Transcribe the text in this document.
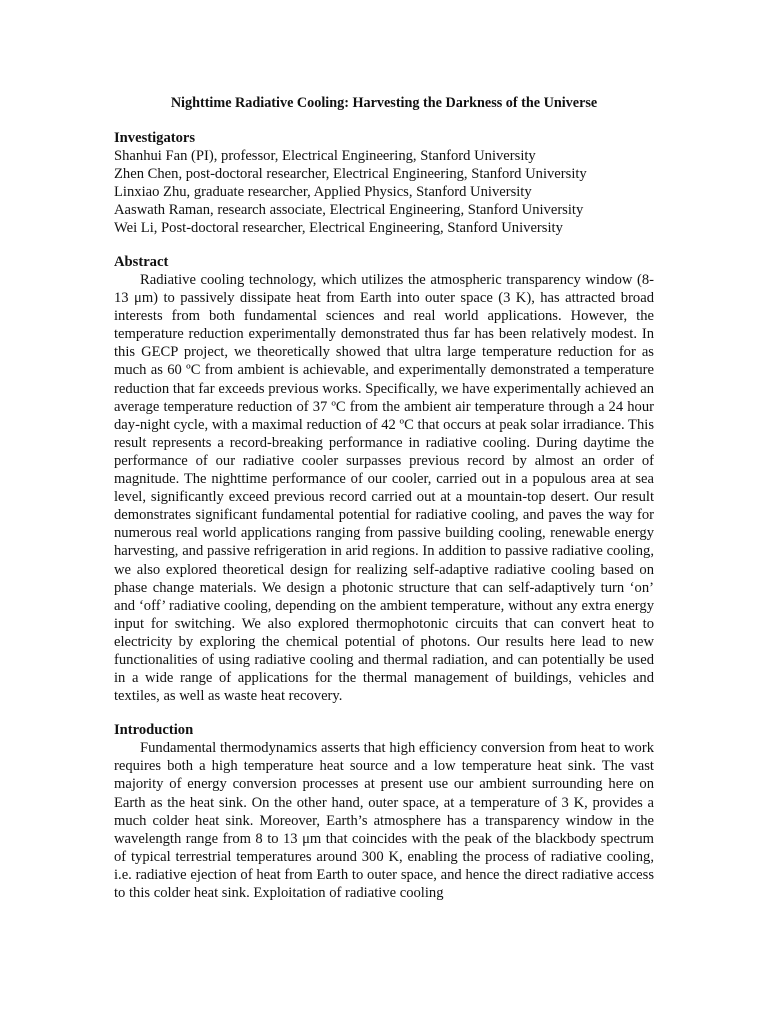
Nighttime Radiative Cooling: Harvesting the Darkness of the Universe

Investigators

Shanhui Fan (PI), professor, Electrical Engineering, Stanford University

Zhen Chen, post-doctoral researcher, Electrical Engineering, Stanford University

Linxiao Zhu, graduate researcher, Applied Physics, Stanford University

Aaswath Raman, research associate, Electrical Engineering, Stanford University

Wei Li, Post-doctoral researcher, Electrical Engineering, Stanford University

Abstract

Radiative cooling technology, which utilizes the atmospheric transparency window (8-13 μm) to passively dissipate heat from Earth into outer space (3 K), has attracted broad interests from both fundamental sciences and real world applications. However, the temperature reduction experimentally demonstrated thus far has been relatively modest. In this GECP project, we theoretically showed that ultra large temperature reduction for as much as 60 ºC from ambient is achievable, and experimentally demonstrated a temperature reduction that far exceeds previous works. Specifically, we have experimentally achieved an average temperature reduction of 37 ºC from the ambient air temperature through a 24 hour day-night cycle, with a maximal reduction of 42 ºC that occurs at peak solar irradiance. This result represents a record-breaking performance in radiative cooling. During daytime the performance of our radiative cooler surpasses previous record by almost an order of magnitude. The nighttime performance of our cooler, carried out in a populous area at sea level, significantly exceed previous record carried out at a mountain-top desert. Our result demonstrates significant fundamental potential for radiative cooling, and paves the way for numerous real world applications ranging from passive building cooling, renewable energy harvesting, and passive refrigeration in arid regions. In addition to passive radiative cooling, we also explored theoretical design for realizing self-adaptive radiative cooling based on phase change materials. We design a photonic structure that can self-adaptively turn ‘on’ and ‘off’ radiative cooling, depending on the ambient temperature, without any extra energy input for switching. We also explored thermophotonic circuits that can convert heat to electricity by exploring the chemical potential of photons. Our results here lead to new functionalities of using radiative cooling and thermal radiation, and can potentially be used in a wide range of applications for the thermal management of buildings, vehicles and textiles, as well as waste heat recovery.

Introduction

Fundamental thermodynamics asserts that high efficiency conversion from heat to work requires both a high temperature heat source and a low temperature heat sink. The vast majority of energy conversion processes at present use our ambient surrounding here on Earth as the heat sink. On the other hand, outer space, at a temperature of 3 K, provides a much colder heat sink. Moreover, Earth’s atmosphere has a transparency window in the wavelength range from 8 to 13 μm that coincides with the peak of the blackbody spectrum of typical terrestrial temperatures around 300 K, enabling the process of radiative cooling, i.e. radiative ejection of heat from Earth to outer space, and hence the direct radiative access to this colder heat sink. Exploitation of radiative cooling
